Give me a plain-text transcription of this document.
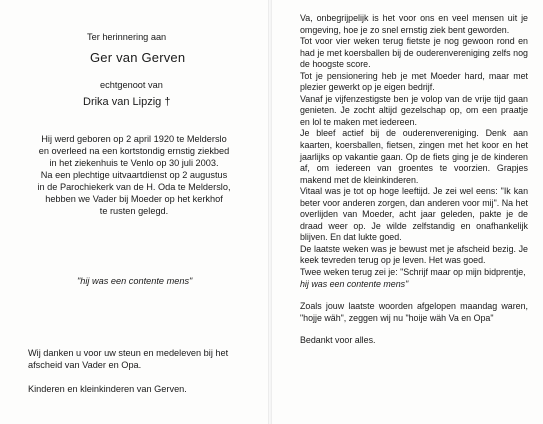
Ter herinnering aan
Ger van Gerven
echtgenoot van
Drika van Lipzig †
Hij werd geboren op 2 april 1920 te Melderslo
en overleed na een kortstondig ernstig ziekbed
in het ziekenhuis te Venlo op 30 juli 2003.
Na een plechtige uitvaartdienst op 2 augustus
in de Parochiekerk van de H. Oda te Melderslo,
hebben we Vader bij Moeder op het kerkhof
te rusten gelegd.
"hij was een contente mens"
Wij danken u voor uw steun en medeleven bij het
afscheid van Vader en Opa.
Kinderen en kleinkinderen van Gerven.

Va, onbegrijpelijk is het voor ons en veel mensen uit je omgeving, hoe je zo snel ernstig ziek bent geworden.

Tot voor vier weken terug fietste je nog gewoon rond en had je met koersballen bij de ouderenvereniging zelfs nog de hoogste score.

Tot je pensionering heb je met Moeder hard, maar met plezier gewerkt op je eigen bedrijf.

Vanaf je vijfenzestigste ben je volop van de vrije tijd gaan genieten. Je zocht altijd gezelschap op, om een praatje en lol te maken met iedereen.

Je bleef actief bij de ouderenvereniging. Denk aan kaarten, koersballen, fietsen, zingen met het koor en het jaarlijks op vakantie gaan. Op de fiets ging je de kinderen af, om iedereen van groentes te voorzien. Grapjes makend met de kleinkinderen.

Vitaal was je tot op hoge leeftijd. Je zei wel eens: "Ik kan beter voor anderen zorgen, dan anderen voor mij". Na het overlijden van Moeder, acht jaar geleden, pakte je de draad weer op. Je wilde zelfstandig en onafhankelijk blijven. En dat lukte goed.

De laatste weken was je bewust met je afscheid bezig. Je keek tevreden terug op je leven. Het was goed.

Twee weken terug zei je: "Schrijf maar op mijn bidprentje,

hij was een contente mens"

Zoals jouw laatste woorden afgelopen maandag waren, "hojje wäh", zeggen wij nu "hoije wäh Va en Opa"

Bedankt voor alles.
